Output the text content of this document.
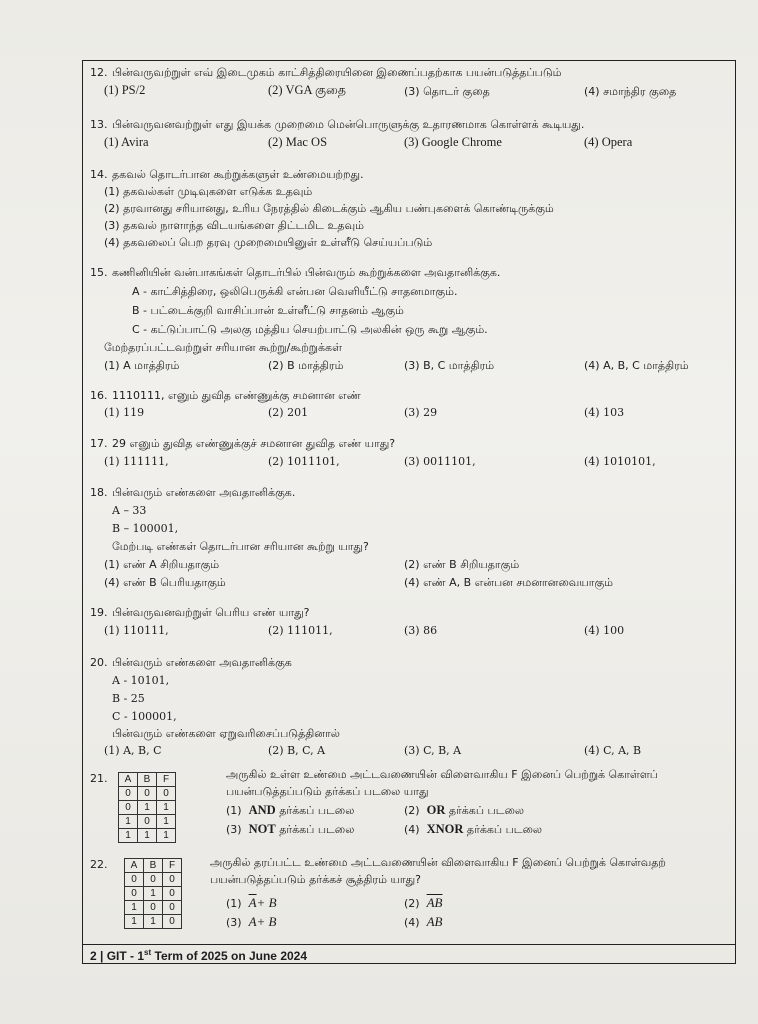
12. பின்வருவற்றுள் எவ் இடைமுகம் காட்சித்திரையினை இணைப்பதற்காக பயன்படுத்தப்படும்
(1) PS/2	(2) VGA குதை	(3) தொடர் குதை	(4) சமாந்திர குதை
13. பின்வருவனவற்றுள் எது இயக்க முறைமை மென்பொருளுக்கு உதாரணமாக கொள்ளக் கூடியது.
(1) Avira	(2) Mac OS	(3) Google Chrome	(4) Opera
14. தகவல் தொடர்பான கூற்றுக்களுள் உண்மையற்றது.
(1) தகவல்கள் முடிவுகளை எடுக்க உதவும்
(2) தரவானது சரியானது, உரிய நேரத்தில் கிடைக்கும் ஆகிய பண்புகளைக் கொண்டிருக்கும்
(3) தகவல் நாளாந்த விடயங்களை திட்டமிட உதவும்
(4) தகவலைப் பெற தரவு முறைமையினுள் உள்ளீடு செய்யப்படும்
15. கணினியின் வன்பாகங்கள் தொடர்பில் பின்வரும் கூற்றுக்களை அவதானிக்குக.
A - காட்சித்திரை, ஒலிபெருக்கி என்பன வெளியீட்டு சாதனமாகும்.
B - பட்டைக்குறி வாசிப்பான் உள்ளீட்டு சாதனம் ஆகும்
C - கட்டுப்பாட்டு அலகு மத்திய செயற்பாட்டு அலகின் ஒரு கூறு ஆகும்.
மேற்தரப்பட்டவற்றுள் சரியான கூற்று/கூற்றுக்கள்
(1) A மாத்திரம்	(2) B மாத்திரம்	(3) B, C மாத்திரம்	(4) A, B, C மாத்திரம்
16. 1110111, எனும் துவித எண்ணுக்கு சமனான எண்
(1) 119	(2) 201	(3) 29	(4) 103
17. 29 எனும் துவித எண்ணுக்குச் சமனான துவித எண் யாது?
(1) 111111,	(2) 1011101,	(3) 0011101,	(4) 1010101,
18. பின்வரும் எண்களை அவதானிக்குக.
A – 33
B – 100001,
மேற்படி எண்கள் தொடர்பான சரியான கூற்று யாது?
(1) எண் A சிறியதாகும்	(2) எண் B சிறியதாகும்
(4) எண் B பெரியதாகும்	(4) எண் A, B என்பன சமனானவையாகும்
19. பின்வருவனவற்றுள் பெரிய எண் யாது?
(1) 110111,	(2) 111011,	(3) 86	(4) 100
20. பின்வரும் எண்களை அவதானிக்குக
A - 10101,
B - 25
C - 100001,
பின்வரும் எண்களை ஏறுவரிசைப்படுத்தினால்
(1) A, B, C	(2) B, C, A	(3) C, B, A	(4) C, A, B
21. A	B	F
0	0	0
0	1	1
1	0	1
1	1	1
அருகில் உள்ள உண்மை அட்டவணையின் விளைவாகிய F இனைப் பெற்றுக் கொள்ளப்
பயன்படுத்தப்படும் தர்க்கப் படலை யாது
(1) AND தர்க்கப் படலை	(2) OR தர்க்கப் படலை
(3) NOT தர்க்கப் படலை	(4) XNOR தர்க்கப் படலை
22. A	B	F
0	0	0
0	1	0
1	0	0
1	1	0
அருகில் தரப்பட்ட உண்மை அட்டவணையின் விளைவாகிய F இனைப் பெற்றுக் கொள்வதற்
பயன்படுத்தப்படும் தர்க்கச் சூத்திரம் யாது?
(1) $\overline{A}+ B$	(2) $\overline{AB}$
(3) A+ B	(4) AB
2 | GIT - 1st Term of 2025 on June 2024
